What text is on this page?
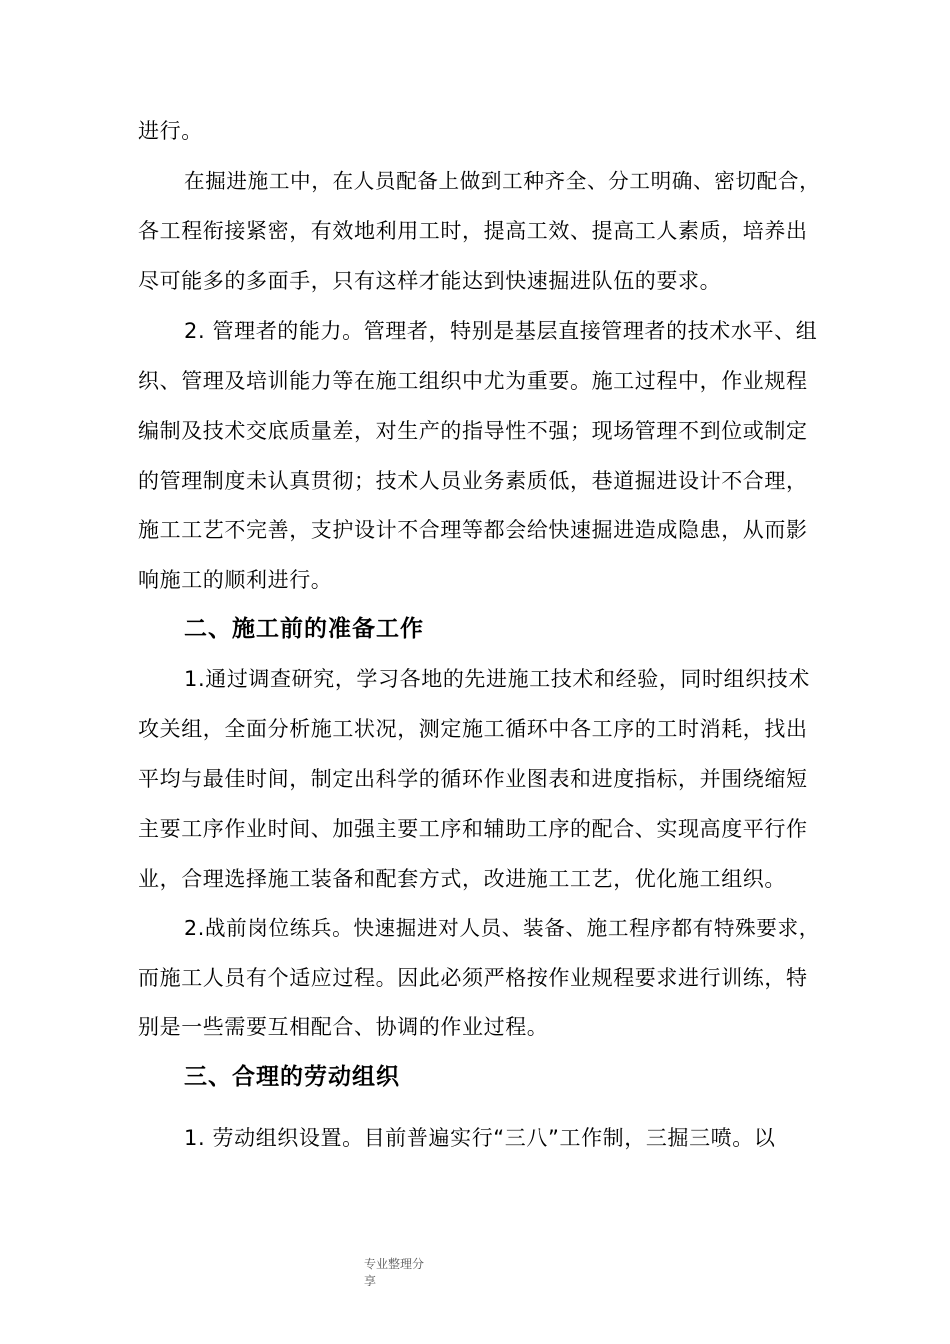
进行。
在掘进施工中，在人员配备上做到工种齐全、分工明确、密切配合，
各工程衔接紧密，有效地利用工时，提高工效、提高工人素质，培养出
尽可能多的多面手，只有这样才能达到快速掘进队伍的要求。
2. 管理者的能力。管理者，特别是基层直接管理者的技术水平、组
织、管理及培训能力等在施工组织中尤为重要。施工过程中，作业规程
编制及技术交底质量差，对生产的指导性不强；现场管理不到位或制定
的管理制度未认真贯彻；技术人员业务素质低，巷道掘进设计不合理，
施工工艺不完善，支护设计不合理等都会给快速掘进造成隐患，从而影
响施工的顺利进行。
二、施工前的准备工作
1.通过调查研究，学习各地的先进施工技术和经验，同时组织技术
攻关组，全面分析施工状况，测定施工循环中各工序的工时消耗，找出
平均与最佳时间，制定出科学的循环作业图表和进度指标，并围绕缩短
主要工序作业时间、加强主要工序和辅助工序的配合、实现高度平行作
业，合理选择施工装备和配套方式，改进施工工艺，优化施工组织。
2.战前岗位练兵。快速掘进对人员、装备、施工程序都有特殊要求，
而施工人员有个适应过程。因此必须严格按作业规程要求进行训练，特
别是一些需要互相配合、协调的作业过程。
三、合理的劳动组织
1. 劳动组织设置。目前普遍实行“三八”工作制，三掘三喷。以
专业整理分享
